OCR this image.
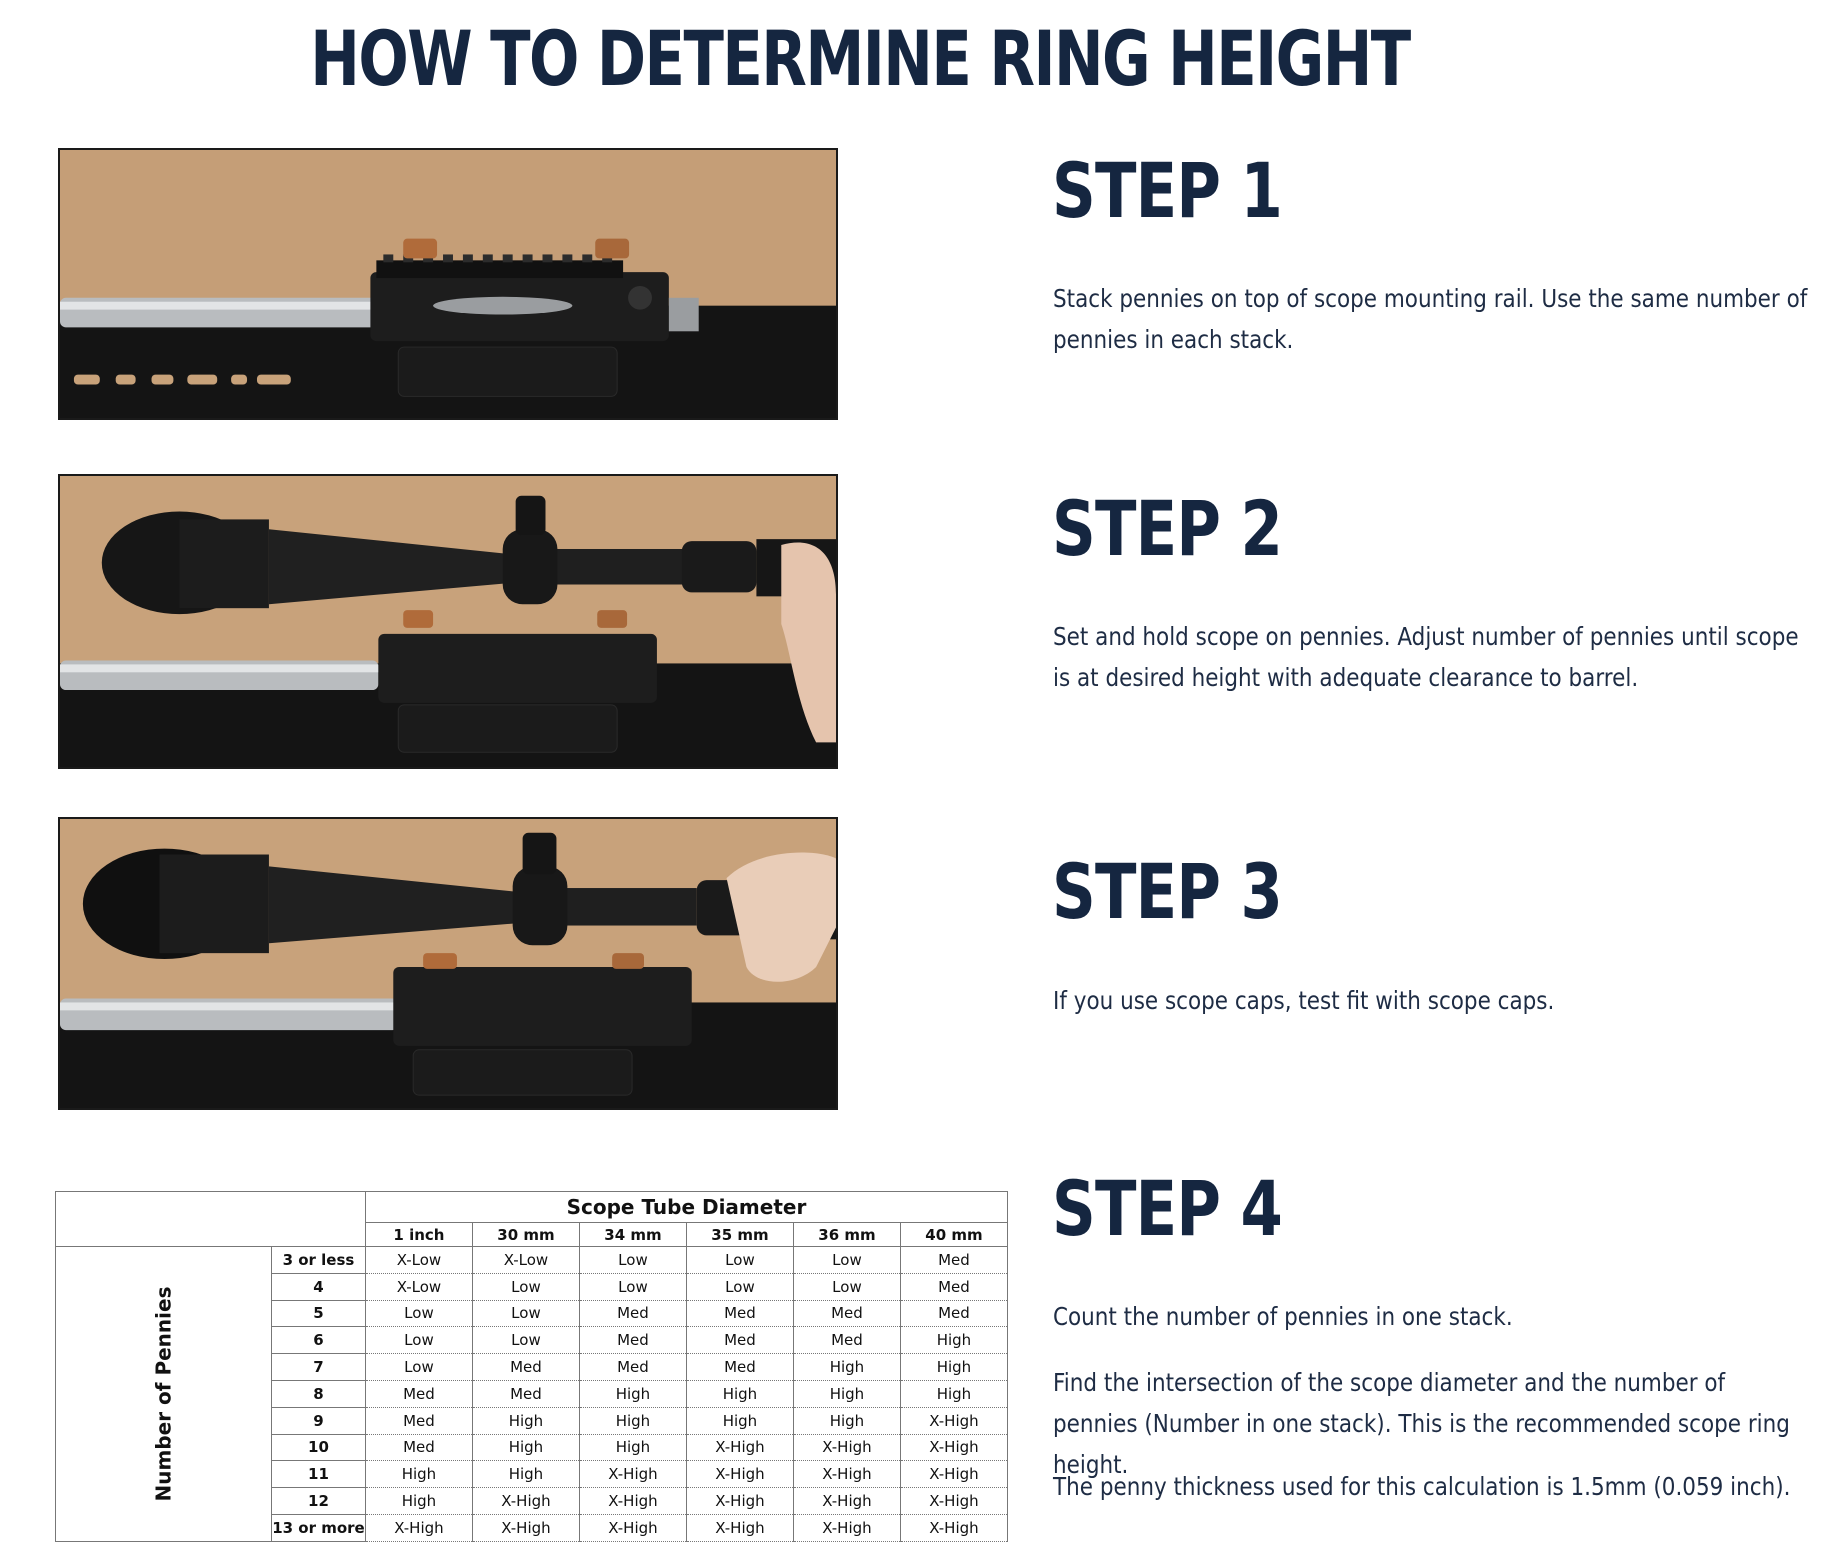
HOW TO DETERMINE RING HEIGHT
STEP 1

Stack pennies on top of scope mounting rail. Use the same number of pennies in each stack.

STEP 2

Set and hold scope on pennies. Adjust number of pennies until scope is at desired height with adequate clearance to barrel.

STEP 3

If you use scope caps, test fit with scope caps.

STEP 4

Count the number of pennies in one stack.

Find the intersection of the scope diameter and the number of pennies (Number in one stack). This is the recommended scope ring height.

The penny thickness used for this calculation is 1.5mm (0.059 inch).

		Scope Tube Diameter					
		1 inch	30 mm	34 mm	35 mm	36 mm	40 mm
Number of Pennies	3 or less	X-Low	X-Low	Low	Low	Low	Med
	4	X-Low	Low	Low	Low	Low	Med
	5	Low	Low	Med	Med	Med	Med
	6	Low	Low	Med	Med	Med	High
	7	Low	Med	Med	Med	High	High
	8	Med	Med	High	High	High	High
	9	Med	High	High	High	High	X-High
	10	Med	High	High	X-High	X-High	X-High
	11	High	High	X-High	X-High	X-High	X-High
	12	High	X-High	X-High	X-High	X-High	X-High
	13 or more	X-High	X-High	X-High	X-High	X-High	X-High
